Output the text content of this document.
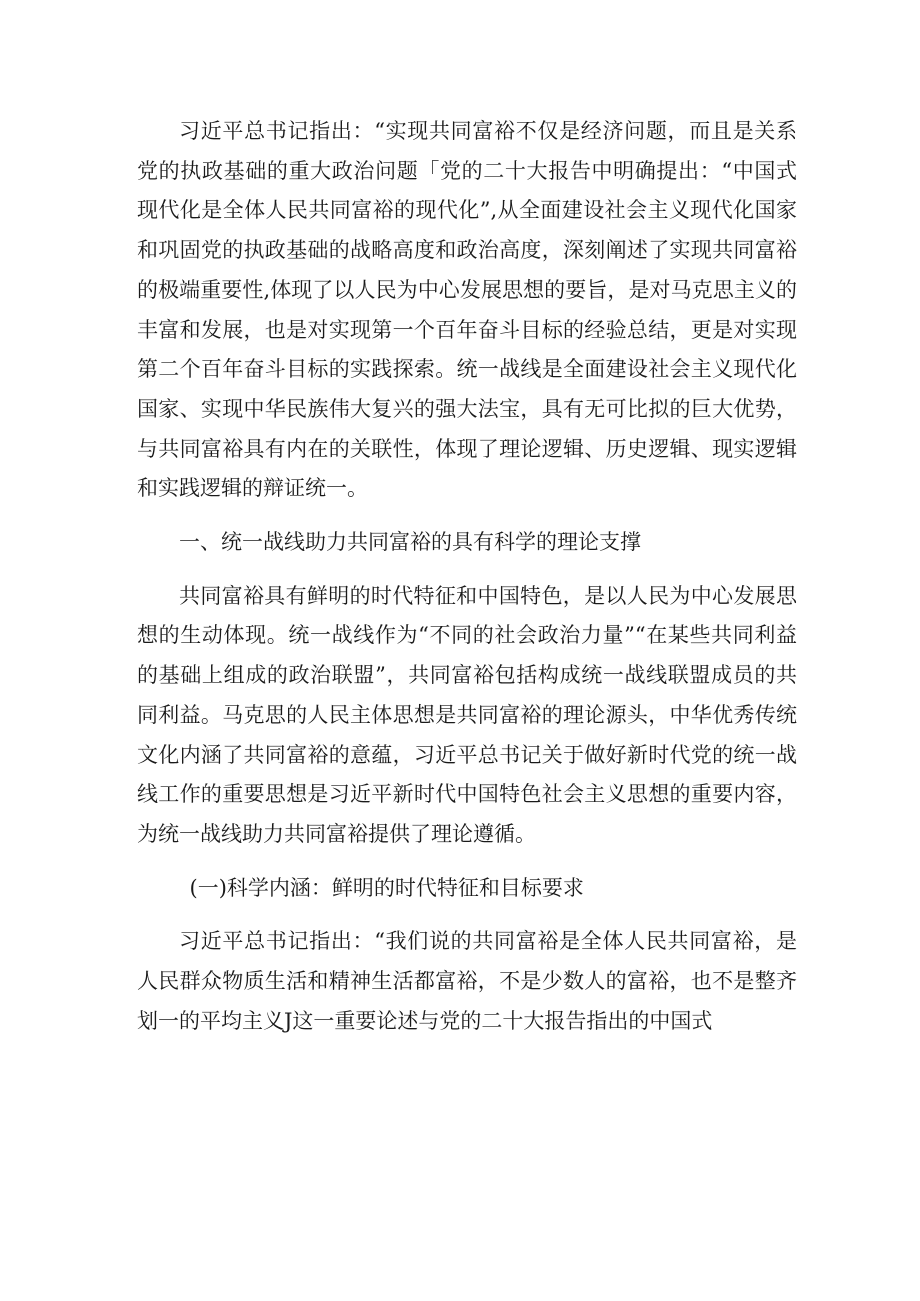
习近平总书记指出：“实现共同富裕不仅是经济问题，而且是关系党的执政基础的重大政治问题「党的二十大报告中明确提出：“中国式现代化是全体人民共同富裕的现代化”,从全面建设社会主义现代化国家和巩固党的执政基础的战略高度和政治高度，深刻阐述了实现共同富裕的极端重要性,体现了以人民为中心发展思想的要旨，是对马克思主义的丰富和发展，也是对实现第一个百年奋斗目标的经验总结，更是对实现第二个百年奋斗目标的实践探索。统一战线是全面建设社会主义现代化国家、实现中华民族伟大复兴的强大法宝，具有无可比拟的巨大优势，与共同富裕具有内在的关联性，体现了理论逻辑、历史逻辑、现实逻辑和实践逻辑的辩证统一。

一、统一战线助力共同富裕的具有科学的理论支撑

共同富裕具有鲜明的时代特征和中国特色，是以人民为中心发展思想的生动体现。统一战线作为“不同的社会政治力量”“在某些共同利益的基础上组成的政治联盟”，共同富裕包括构成统一战线联盟成员的共同利益。马克思的人民主体思想是共同富裕的理论源头，中华优秀传统文化内涵了共同富裕的意蕴，习近平总书记关于做好新时代党的统一战线工作的重要思想是习近平新时代中国特色社会主义思想的重要内容，为统一战线助力共同富裕提供了理论遵循。

(一)科学内涵：鲜明的时代特征和目标要求

习近平总书记指出：“我们说的共同富裕是全体人民共同富裕，是人民群众物质生活和精神生活都富裕，不是少数人的富裕，也不是整齐划一的平均主义J这一重要论述与党的二十大报告指出的中国式
